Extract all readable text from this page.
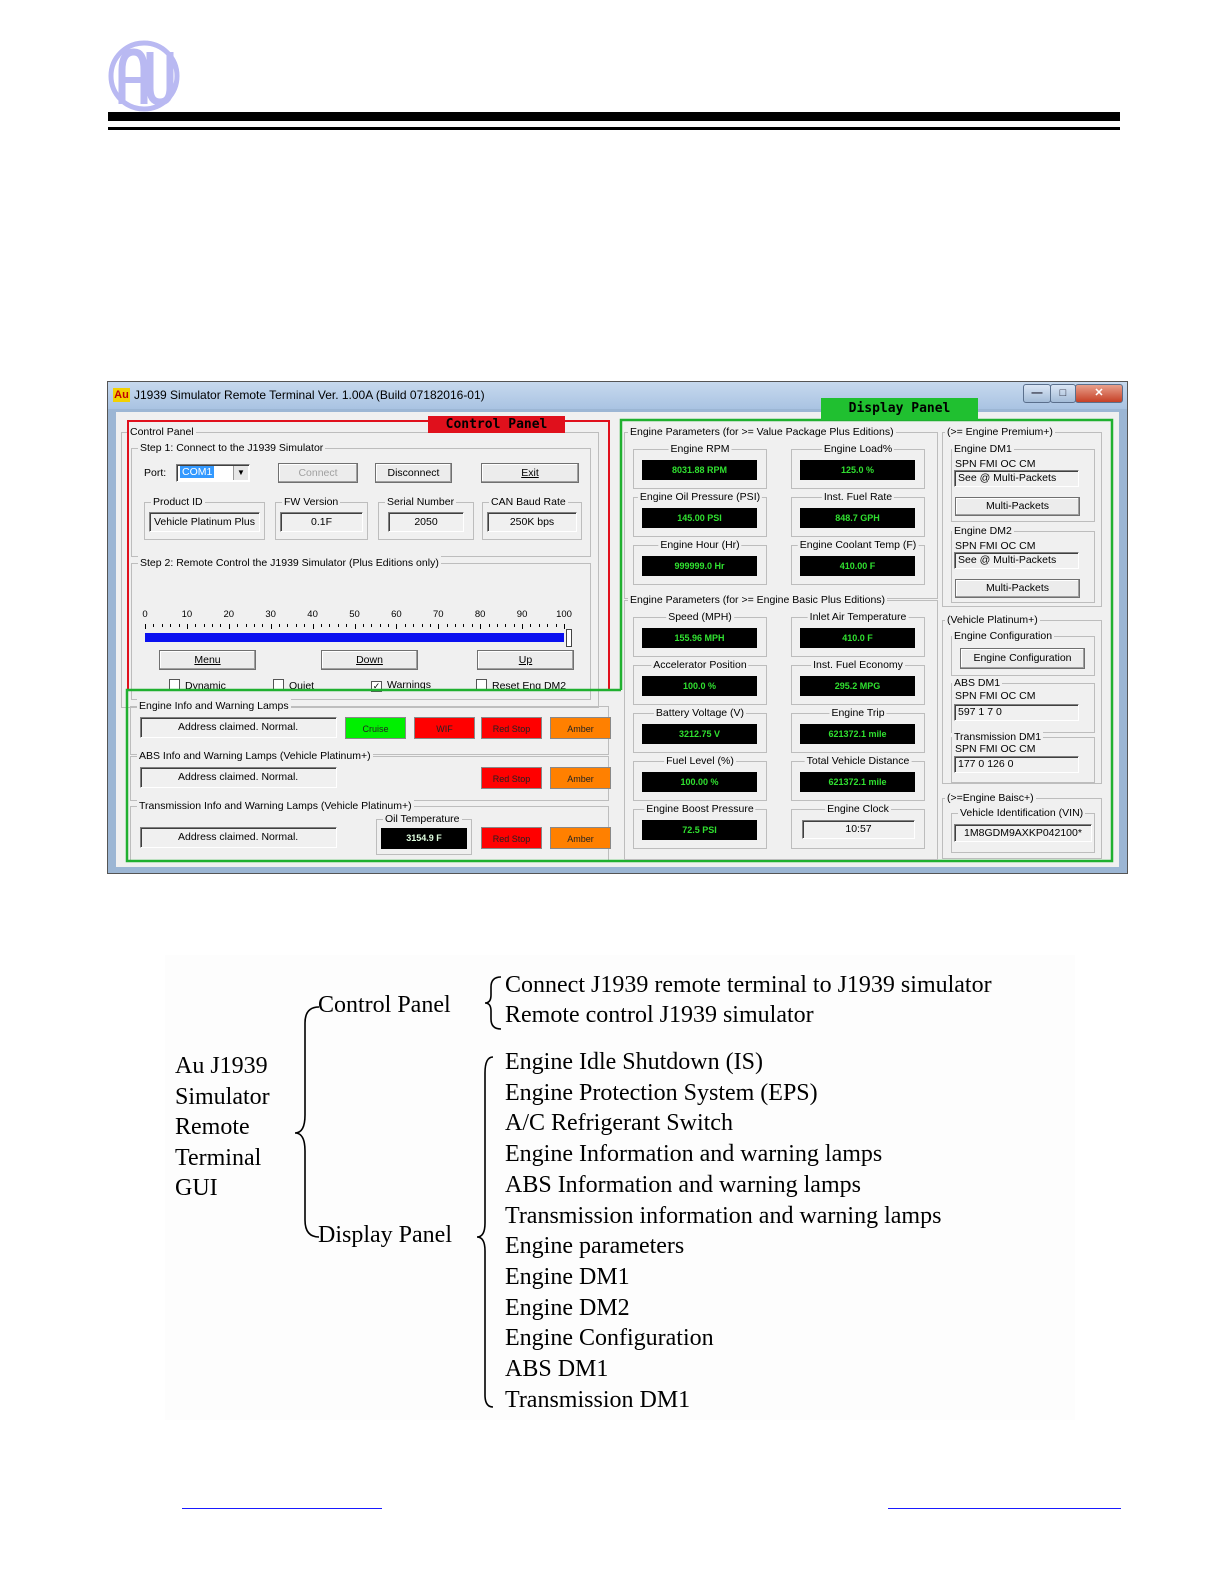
Au J1939 Simulator Remote Terminal Ver. 1.00A (Build 07182016-01)	—	□	✕
Control Panel
Step 1: Connect to the J1939 Simulator
Port:	COM1	▼	Connect	Disconnect	Exit
Product ID
Vehicle Platinum Plus
FW Version
0.1F
Serial Number
2050
CAN Baud Rate
250K bps
Step 2: Remote Control the J1939 Simulator (Plus Editions only)
0	10	20	30	40	50	60	70	80	90	100
Menu	Down	Up
Dynamic	Quiet	✓ Warnings	Reset Eng DM2
Control Panel
Engine Info and Warning Lamps
Address claimed. Normal.	Cruise	WIF	Red Stop	Amber
ABS Info and Warning Lamps (Vehicle Platinum+)
Address claimed. Normal.	Red Stop	Amber
Transmission Info and Warning Lamps (Vehicle Platinum+)
Address claimed. Normal.
Oil Temperature
3154.9 F	Red Stop	Amber
Display Panel
Engine Parameters (for >= Value Package Plus Editions)
Engine RPM
8031.88 RPM
Engine Load%
125.0 %
Engine Oil Pressure (PSI)
145.00 PSI
Inst. Fuel Rate
848.7 GPH
Engine Hour (Hr)
999999.0 Hr
Engine Coolant Temp (F)
410.00 F
Engine Parameters (for >= Engine Basic Plus Editions)
Speed (MPH)
155.96 MPH
Inlet Air Temperature
410.0 F
Accelerator Position
100.0 %
Inst. Fuel Economy
295.2 MPG
Battery Voltage (V)
3212.75 V
Engine Trip
621372.1 mile
Fuel Level (%)
100.00 %
Total Vehicle Distance
621372.1 mile
Engine Boost Pressure
72.5 PSI
Engine Clock
10:57
(>= Engine Premium+)
Engine DM1
SPN FMI OC CM
See @ Multi-Packets
Multi-Packets
Engine DM2
SPN FMI OC CM
See @ Multi-Packets
Multi-Packets
(Vehicle Platinum+)
Engine Configuration
Engine Configuration
ABS DM1
SPN FMI OC CM
597 1 7 0
Transmission DM1
SPN FMI OC CM
177 0 126 0
(>=Engine Baisc+)
Vehicle Identification (VIN)
1M8GDM9AXKP042100*
Au J1939
Simulator
Remote
Terminal
GUI
Control Panel
Display Panel
Connect J1939 remote terminal to J1939 simulator
Remote control J1939 simulator
Engine Idle Shutdown (IS)
Engine Protection System (EPS)
A/C Refrigerant Switch
Engine Information and warning lamps
ABS Information and warning lamps
Transmission information and warning lamps
Engine parameters
Engine DM1
Engine DM2
Engine Configuration
ABS DM1
Transmission DM1
